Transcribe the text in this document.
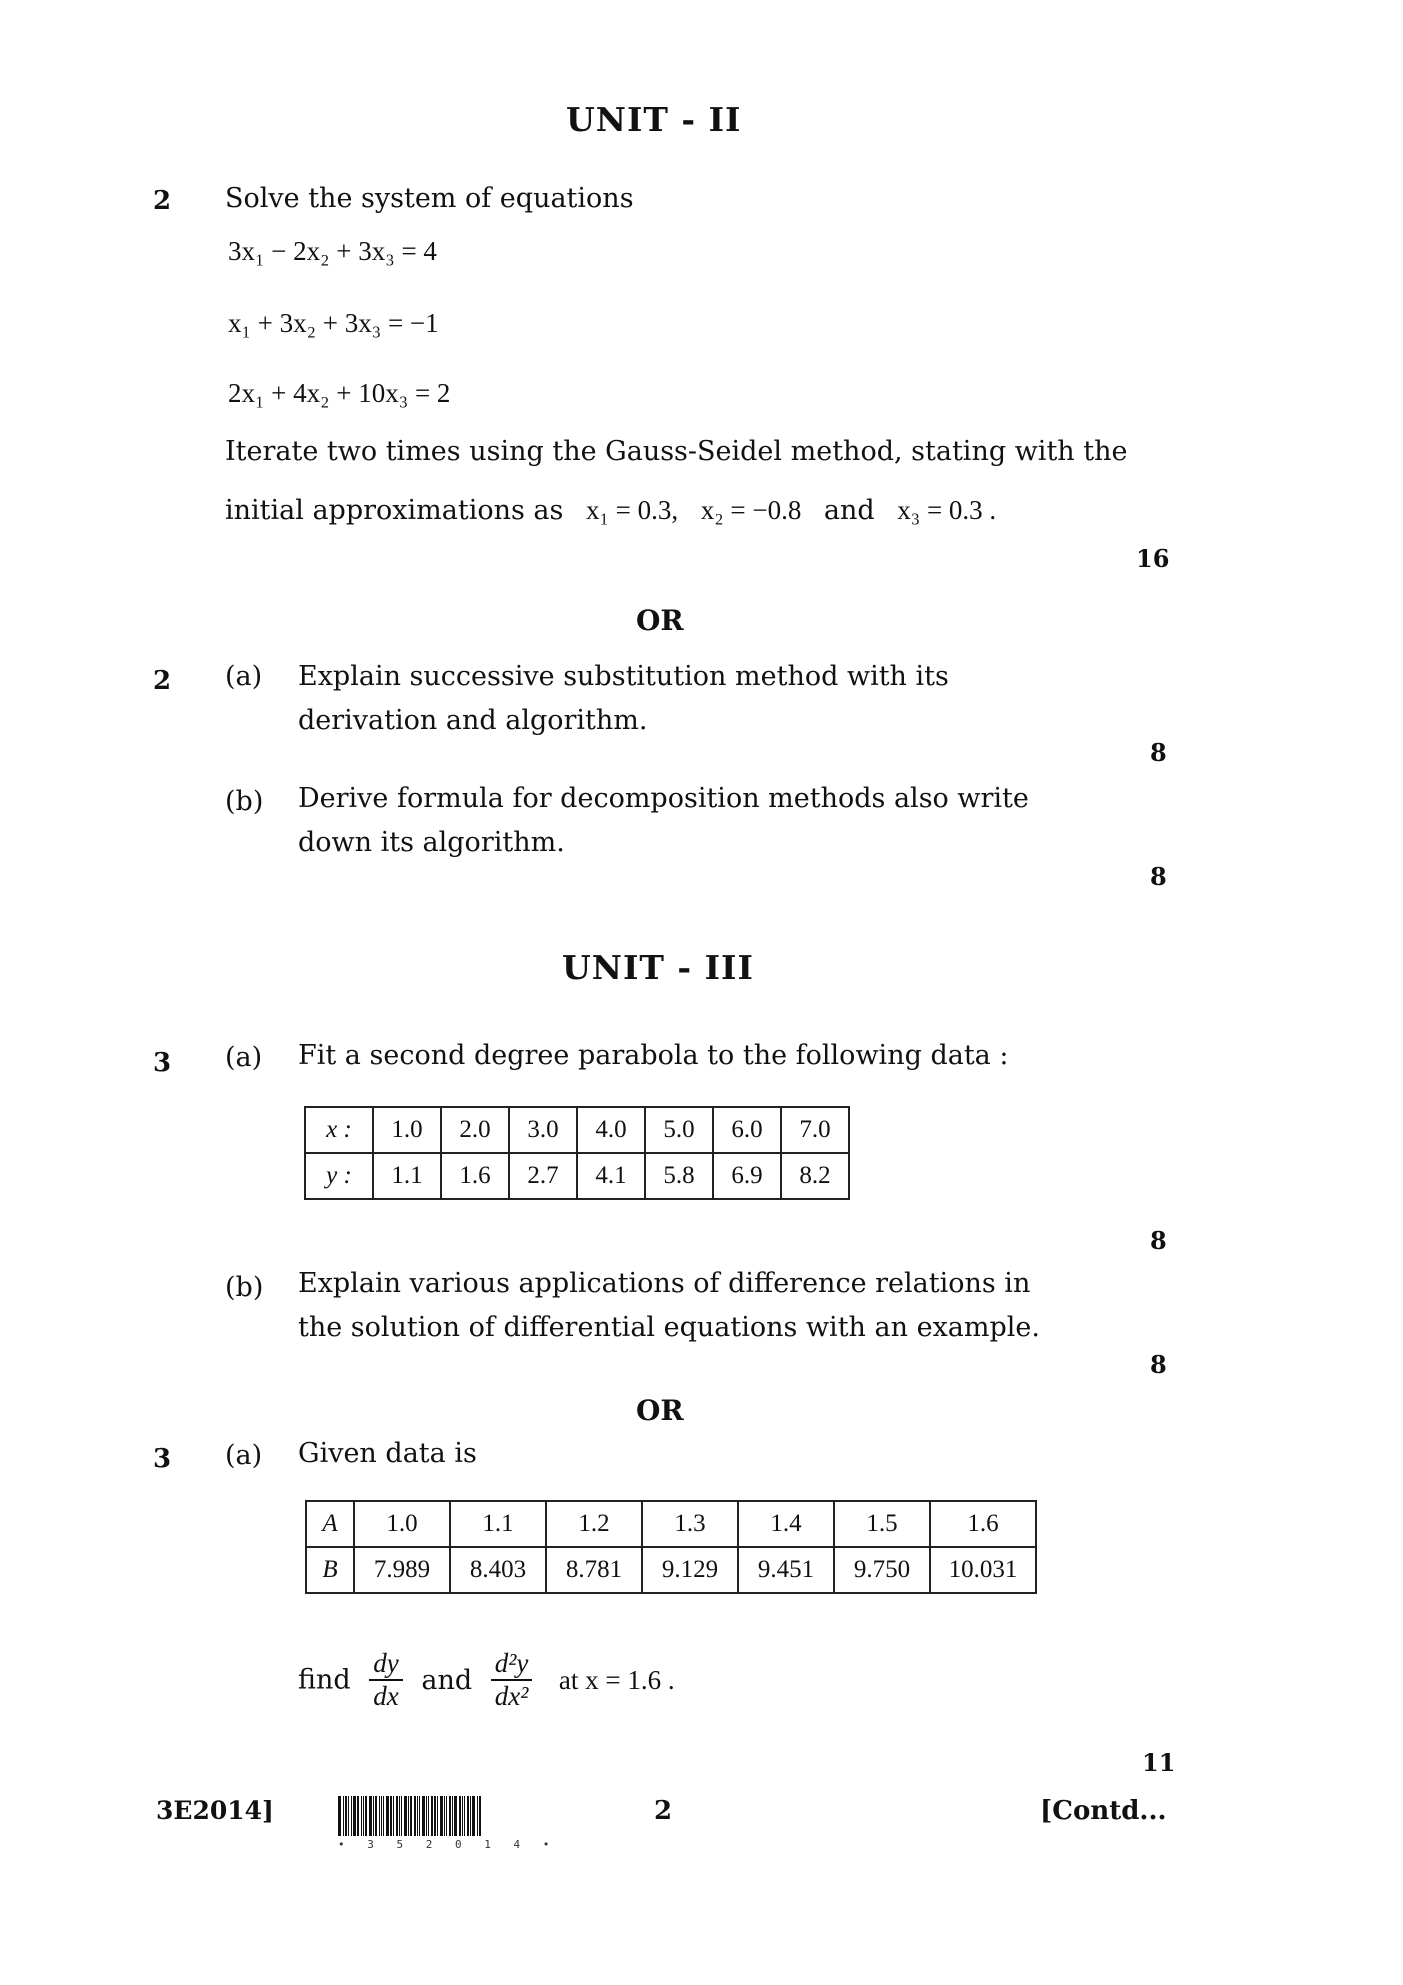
UNIT - II
2 Solve the system of equations
3x₁ − 2x₂ + 3x₃ = 4
x₁ + 3x₂ + 3x₃ = −1
2x₁ + 4x₂ + 10x₃ = 2
Iterate two times using the Gauss-Seidel method, stating with the
initial approximations as x₁ = 0.3, x₂ = −0.8 and x₃ = 0.3 .
16
OR
2 (a) Explain successive substitution method with its
derivation and algorithm.
8
(b) Derive formula for decomposition methods also write
down its algorithm.
8
UNIT - III
3 (a) Fit a second degree parabola to the following data :
x :	1.0	2.0	3.0	4.0	5.0	6.0	7.0
y :	1.1	1.6	2.7	4.1	5.8	6.9	8.2
8
(b) Explain various applications of difference relations in
the solution of differential equations with an example.
8
OR
3 (a) Given data is
A	1.0	1.1	1.2	1.3	1.4	1.5	1.6
B	7.989	8.403	8.781	9.129	9.451	9.750	10.031
find $\frac{dy}{dx}$ and $\frac{\text{d²y}}{\text{dx²}}$ at x = 1.6 .
11
3E2014]
• 3 5 2 0 1 4 •
2	[Contd...
